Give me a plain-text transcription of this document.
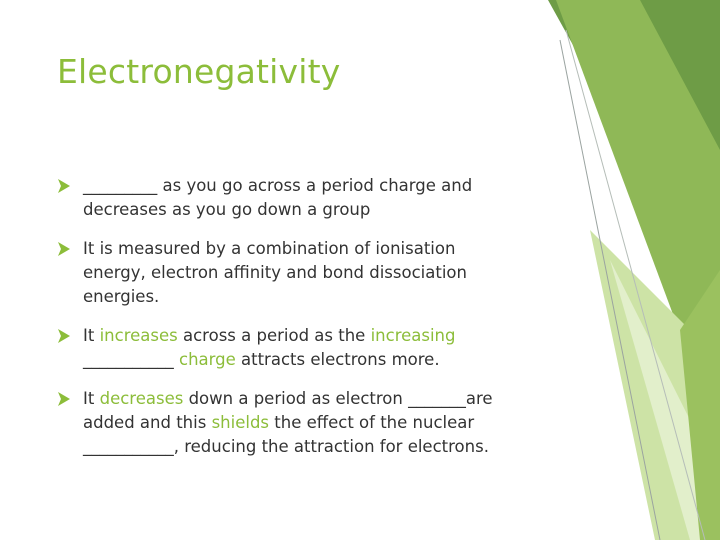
Electronegativity
_________ as you go across a period charge and
decreases as you go down a group
It is measured by a combination of ionisation
energy, electron affinity and bond dissociation
energies.
It increases across a period as the increasing
___________ charge attracts electrons more.
It decreases down a period as electron _______are
added and this shields the effect of the nuclear
___________, reducing the attraction for electrons.
